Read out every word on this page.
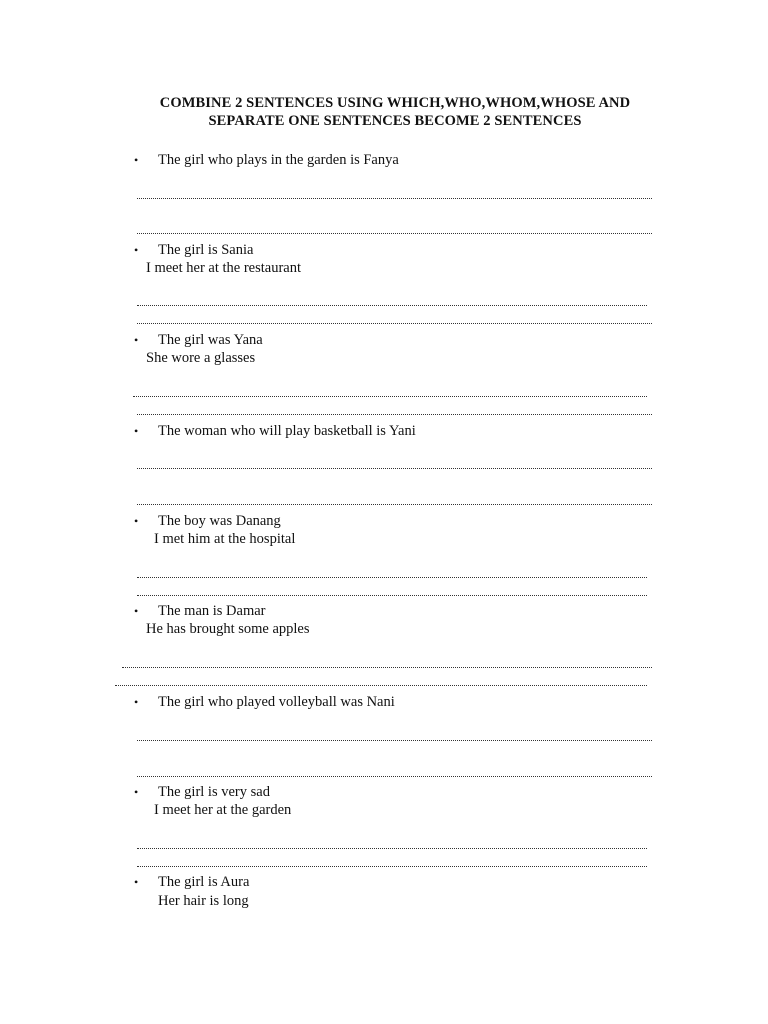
COMBINE 2 SENTENCES USING WHICH,WHO,WHOM,WHOSE AND
SEPARATE ONE SENTENCES BECOME 2 SENTENCES
• The girl who plays in the garden is Fanya
• The girl is Sania
I meet her at the restaurant
• The girl was Yana
She wore a glasses
• The woman who will play basketball is Yani
• The boy was Danang
I met him at the hospital
• The man is Damar
He has brought some apples
• The girl who played volleyball was Nani
• The girl is very sad
I meet her at the garden
• The girl is Aura
Her hair is long
